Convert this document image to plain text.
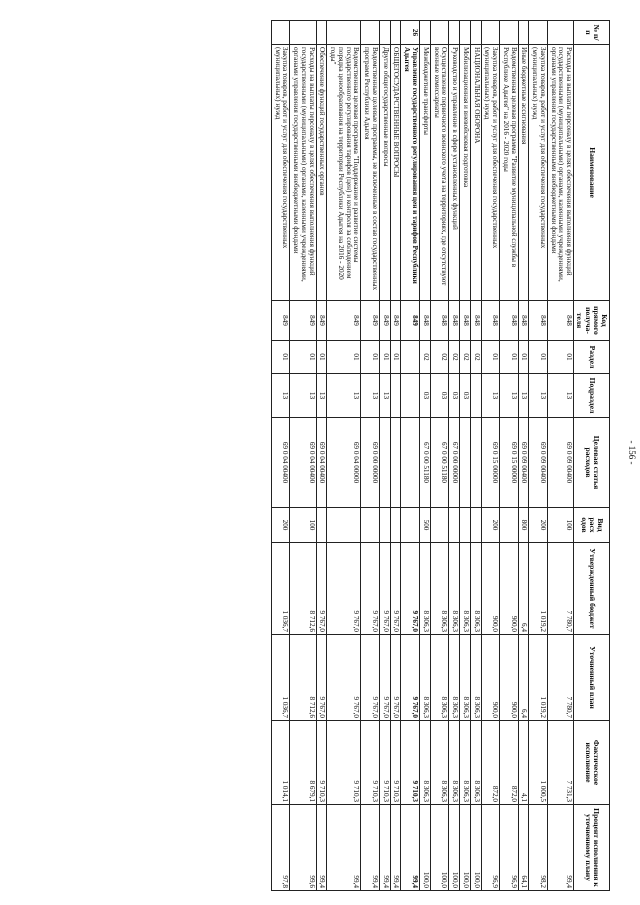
- 156 -
№ п/п	Наименование	Код прямого получа-теля	Раздел	Подраздел	Целевая статья расходов	Вид расх одов	Утвержденный бюджет	Уточненный план	Фактическое исполнение	Процент исполнения к уточненному плану
	Расходы на выплаты персоналу в целях обеспечения выполнения функций государственными (муниципальными) органами, казенными учреждениями, органами управления государственными внебюджетными фондами	848	01	13	69 0 09 00400	100	7 780,7	7 780,7	7 731,3	99,4
	Закупка товаров, работ и услуг для обеспечения государственных (муниципальных) нужд	848	01	13	69 0 09 00400	200	1 019,2	1 019,2	1 000,5	98,2
	Иные бюджетные ассигнования	848	01	13	69 0 09 00400	800	6,4	6,4	4,1	64,1
	Ведомственная целевая программа "Развитие муниципальной службы в Республике Адыгея" на 2016 - 2020 годы	848	01	13	69 0 15 00000		900,0	900,0	872,0	96,9
	Закупка товаров, работ и услуг для обеспечения государственных (муниципальных) нужд	848	01	13	69 0 15 00000	200	900,0	900,0	872,0	96,9
	НАЦИОНАЛЬНАЯ ОБОРОНА	848	02				8 306,3	8 306,3	8 306,3	100,0
	Мобилизационная и вневойсковая подготовка	848	02	03			8 306,3	8 306,3	8 306,3	100,0
	Руководство и управление в сфере установленных функций	848	02	03	67 0 00 00000		8 306,3	8 306,3	8 306,3	100,0
	Осуществление первичного воинского учета на территориях, где отсутствуют военные комиссариаты	848	02	03	67 0 00 51180		8 306,3	8 306,3	8 306,3	100,0
	Межбюджетные трансферты	848	02	03	67 0 00 51180	500	8 306,3	8 306,3	8 306,3	100,0
26	Управление государственного регулирования цен и тарифов Республики Адыгея	849					9 767,0	9 767,0	9 710,3	99,4
	ОБЩЕГОСУДАРСТВЕННЫЕ ВОПРОСЫ	849	01				9 767,0	9 767,0	9 710,3	99,4
	Другие общегосударственные вопросы	849	01	13			9 767,0	9 767,0	9 710,3	99,4
	Ведомственные целевые программы, не включенные в состав государственных программ Республики Адыгея	849	01	13	69 0 00 00000		9 767,0	9 767,0	9 710,3	99,4
	Ведомственная целевая программа "Поддержание и развитие системы государственного регулирования тарифов (цен) и контроля за соблюдением порядка ценообразования на территории Республики Адыгея на 2016 - 2020 годы"	849	01	13	69 0 04 00000		9 767,0	9 767,0	9 710,3	99,4
	Обеспечение функций государственных органов	849	01	13	69 0 04 00400		9 767,0	9 767,0	9 710,3	99,4
	Расходы на выплаты персоналу в целях обеспечения выполнения функций государственными (муниципальными) органами, казенными учреждениями, органами управления государственными внебюджетными фондами	849	01	13	69 0 04 00400	100	8 712,6	8 712,6	8 679,1	99,6
	Закупка товаров, работ и услуг для обеспечения государственных (муниципальных) нужд	849	01	13	69 0 04 00400	200	1 036,7	1 036,7	1 014,1	97,8
